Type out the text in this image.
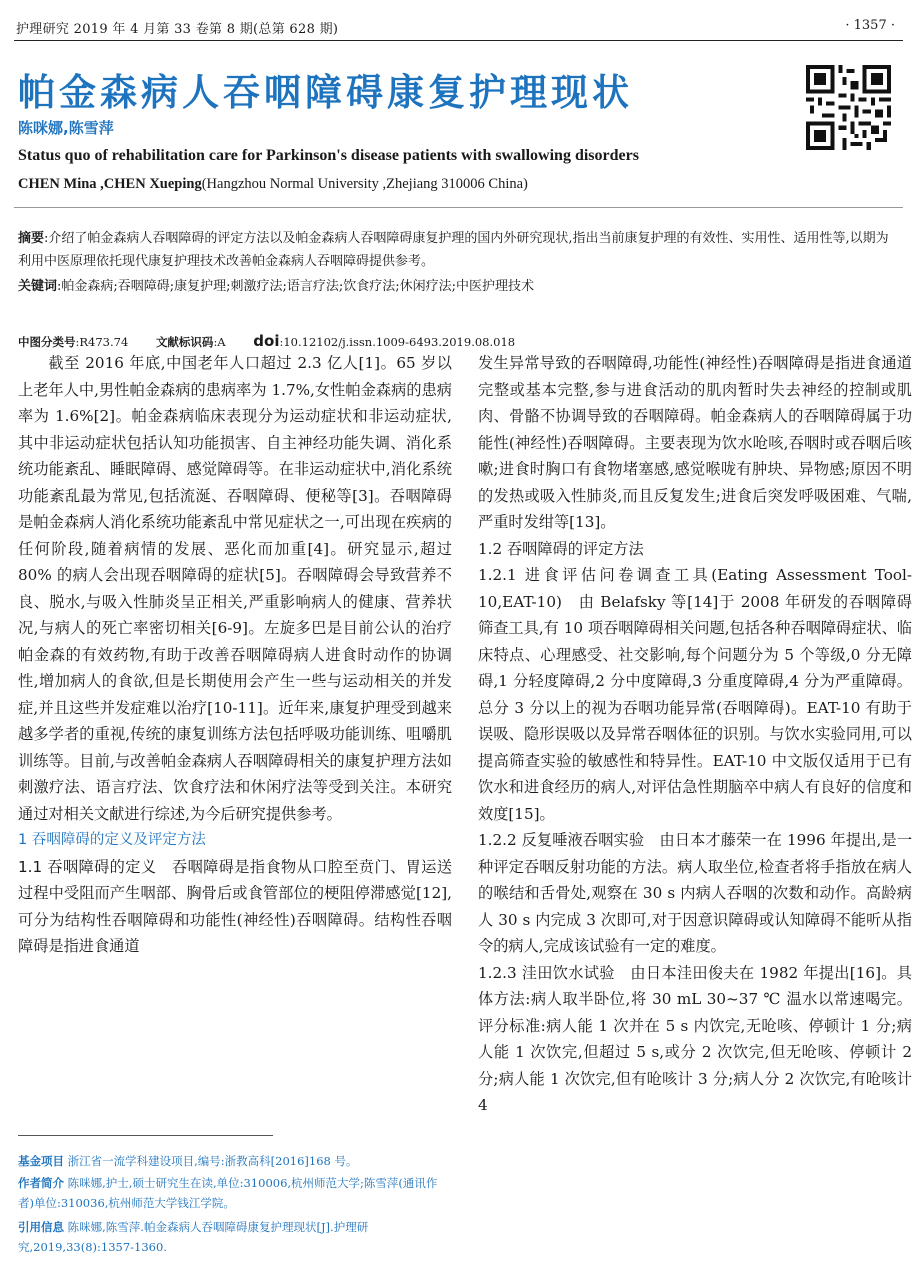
护理研究 2019 年 4 月第 33 卷第 8 期(总第 628 期)	· 1357 ·
帕金森病人吞咽障碍康复护理现状
陈咪娜,陈雪萍
Status quo of rehabilitation care for Parkinson's disease patients with swallowing disorders
CHEN Mina ,CHEN Xueping(Hangzhou Normal University ,Zhejiang 310006 China)
摘要:介绍了帕金森病人吞咽障碍的评定方法以及帕金森病人吞咽障碍康复护理的国内外研究现状,指出当前康复护理的有效性、实用性、适用性等,以期为利用中医原理依托现代康复护理技术改善帕金森病人吞咽障碍提供参考。
关键词:帕金森病;吞咽障碍;康复护理;刺激疗法;语言疗法;饮食疗法;休闲疗法;中医护理技术
中图分类号:R473.74 文献标识码:A doi:10.12102/j.issn.1009-6493.2019.08.018

截至 2016 年底,中国老年人口超过 2.3 亿人[1]。65 岁以上老年人中,男性帕金森病的患病率为 1.7%,女性帕金森病的患病率为 1.6%[2]。帕金森病临床表现分为运动症状和非运动症状,其中非运动症状包括认知功能损害、自主神经功能失调、消化系统功能紊乱、睡眠障碍、感觉障碍等。在非运动症状中,消化系统功能紊乱最为常见,包括流涎、吞咽障碍、便秘等[3]。吞咽障碍是帕金森病人消化系统功能紊乱中常见症状之一,可出现在疾病的任何阶段,随着病情的发展、恶化而加重[4]。研究显示,超过 80% 的病人会出现吞咽障碍的症状[5]。吞咽障碍会导致营养不良、脱水,与吸入性肺炎呈正相关,严重影响病人的健康、营养状况,与病人的死亡率密切相关[6-9]。左旋多巴是目前公认的治疗帕金森的有效药物,有助于改善吞咽障碍病人进食时动作的协调性,增加病人的食欲,但是长期使用会产生一些与运动相关的并发症,并且这些并发症难以治疗[10-11]。近年来,康复护理受到越来越多学者的重视,传统的康复训练方法包括呼吸功能训练、咀嚼肌训练等。目前,与改善帕金森病人吞咽障碍相关的康复护理方法如刺激疗法、语言疗法、饮食疗法和休闲疗法等受到关注。本研究通过对相关文献进行综述,为今后研究提供参考。

1 吞咽障碍的定义及评定方法

1.1 吞咽障碍的定义　 吞咽障碍是指食物从口腔至贲门、胃运送过程中受阻而产生咽部、胸骨后或食管部位的梗阻停滞感觉[12],可分为结构性吞咽障碍和功能性(神经性)吞咽障碍。结构性吞咽障碍是指进食通道

发生异常导致的吞咽障碍,功能性(神经性)吞咽障碍是指进食通道完整或基本完整,参与进食活动的肌肉暂时失去神经的控制或肌肉、骨骼不协调导致的吞咽障碍。帕金森病人的吞咽障碍属于功能性(神经性)吞咽障碍。主要表现为饮水呛咳,吞咽时或吞咽后咳嗽;进食时胸口有食物堵塞感,感觉喉咙有肿块、异物感;原因不明的发热或吸入性肺炎,而且反复发生;进食后突发呼吸困难、气喘,严重时发绀等[13]。

1.2 吞咽障碍的评定方法

1.2.1 进食评估问卷调查工具(Eating Assessment Tool-10,EAT-10)　 由 Belafsky 等[14]于 2008 年研发的吞咽障碍筛查工具,有 10 项吞咽障碍相关问题,包括各种吞咽障碍症状、临床特点、心理感受、社交影响,每个问题分为 5 个等级,0 分无障碍,1 分轻度障碍,2 分中度障碍,3 分重度障碍,4 分为严重障碍。总分 3 分以上的视为吞咽功能异常(吞咽障碍)。EAT-10 有助于误吸、隐形误吸以及异常吞咽体征的识别。与饮水实验同用,可以提高筛查实验的敏感性和特异性。EAT-10 中文版仅适用于已有饮水和进食经历的病人,对评估急性期脑卒中病人有良好的信度和效度[15]。

1.2.2 反复唾液吞咽实验　 由日本才藤荣一在 1996 年提出,是一种评定吞咽反射功能的方法。病人取坐位,检查者将手指放在病人的喉结和舌骨处,观察在 30 s 内病人吞咽的次数和动作。高龄病人 30 s 内完成 3 次即可,对于因意识障碍或认知障碍不能听从指令的病人,完成该试验有一定的难度。

1.2.3 洼田饮水试验　 由日本洼田俊夫在 1982 年提出[16]。具体方法:病人取半卧位,将 30 mL 30~37 ℃ 温水以常速喝完。评分标准:病人能 1 次并在 5 s 内饮完,无呛咳、停顿计 1 分;病人能 1 次饮完,但超过 5 s,或分 2 次饮完,但无呛咳、停顿计 2 分;病人能 1 次饮完,但有呛咳计 3 分;病人分 2 次饮完,有呛咳计 4

基金项目 浙江省一流学科建设项目,编号:浙教高科[2016]168 号。
作者简介 陈咪娜,护士,硕士研究生在读,单位:310006,杭州师范大学;陈雪萍(通讯作者)单位:310036,杭州师范大学钱江学院。
引用信息 陈咪娜,陈雪萍.帕金森病人吞咽障碍康复护理现状[J].护理研究,2019,33(8):1357-1360.
